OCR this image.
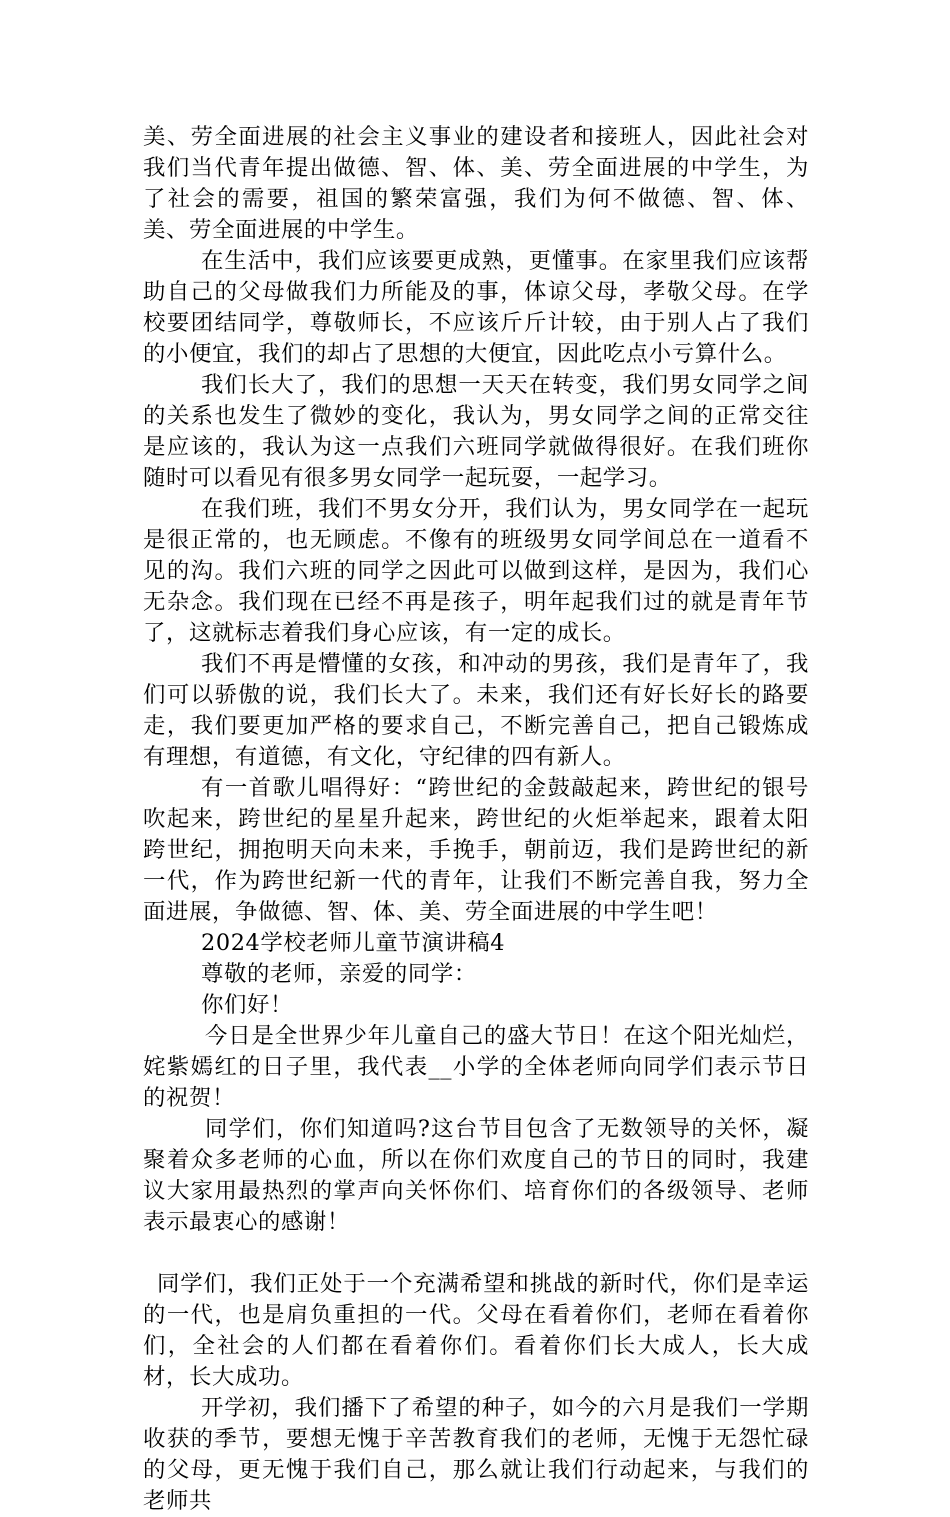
美、劳全面进展的社会主义事业的建设者和接班人，因此社会对我们当代青年提出做德、智、体、美、劳全面进展的中学生，为了社会的需要，祖国的繁荣富强，我们为何不做德、智、体、美、劳全面进展的中学生。

在生活中，我们应该要更成熟，更懂事。在家里我们应该帮助自己的父母做我们力所能及的事，体谅父母，孝敬父母。在学校要团结同学，尊敬师长，不应该斤斤计较，由于别人占了我们的小便宜，我们的却占了思想的大便宜，因此吃点小亏算什么。

我们长大了，我们的思想一天天在转变，我们男女同学之间的关系也发生了微妙的变化，我认为，男女同学之间的正常交往是应该的，我认为这一点我们六班同学就做得很好。在我们班你随时可以看见有很多男女同学一起玩耍，一起学习。

在我们班，我们不男女分开，我们认为，男女同学在一起玩是很正常的，也无顾虑。不像有的班级男女同学间总在一道看不见的沟。我们六班的同学之因此可以做到这样，是因为，我们心无杂念。我们现在已经不再是孩子，明年起我们过的就是青年节了，这就标志着我们身心应该，有一定的成长。

我们不再是懵懂的女孩，和冲动的男孩，我们是青年了，我们可以骄傲的说，我们长大了。未来，我们还有好长好长的路要走，我们要更加严格的要求自己，不断完善自己，把自己锻炼成有理想，有道德，有文化，守纪律的四有新人。

有一首歌儿唱得好：“跨世纪的金鼓敲起来，跨世纪的银号吹起来，跨世纪的星星升起来，跨世纪的火炬举起来，跟着太阳跨世纪，拥抱明天向未来，手挽手，朝前迈，我们是跨世纪的新一代，作为跨世纪新一代的青年，让我们不断完善自我，努力全面进展，争做德、智、体、美、劳全面进展的中学生吧！

2024学校老师儿童节演讲稿4

尊敬的老师，亲爱的同学：

你们好！

今日是全世界少年儿童自己的盛大节日！在这个阳光灿烂，姹紫嫣红的日子里，我代表__小学的全体老师向同学们表示节日的祝贺！

同学们，你们知道吗?这台节目包含了无数领导的关怀，凝聚着众多老师的心血，所以在你们欢度自己的节日的同时，我建议大家用最热烈的掌声向关怀你们、培育你们的各级领导、老师表示最衷心的感谢！

同学们，我们正处于一个充满希望和挑战的新时代，你们是幸运的一代，也是肩负重担的一代。父母在看着你们，老师在看着你们，全社会的人们都在看着你们。看着你们长大成人，长大成材，长大成功。

开学初，我们播下了希望的种子，如今的六月是我们一学期收获的季节，要想无愧于辛苦教育我们的老师，无愧于无怨忙碌的父母，更无愧于我们自己，那么就让我们行动起来，与我们的老师共
